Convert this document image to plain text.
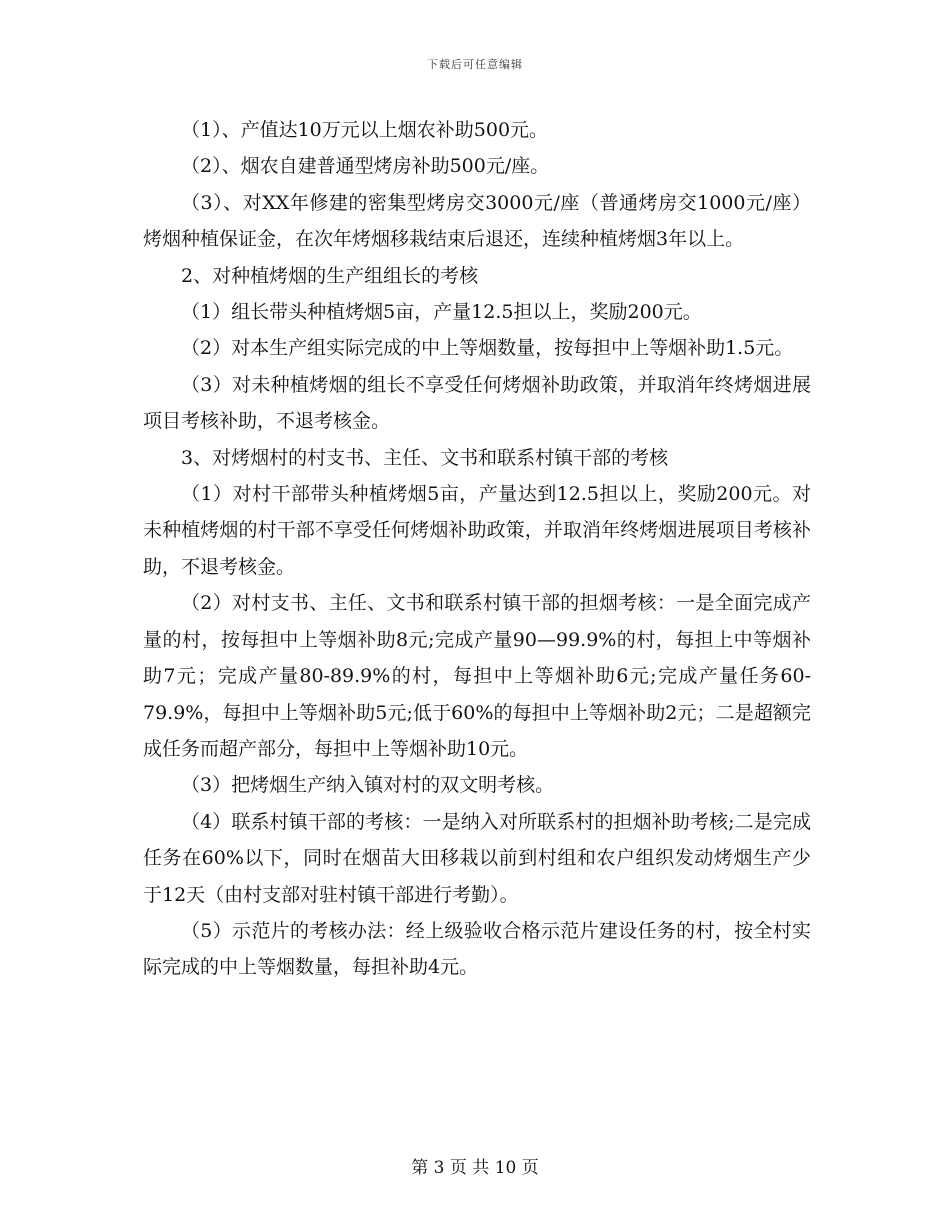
下载后可任意编辑

（1）、产值达10万元以上烟农补助500元。

（2）、烟农自建普通型烤房补助500元/座。

（3）、对XX年修建的密集型烤房交3000元/座（普通烤房交1000元/座）烤烟种植保证金，在次年烤烟移栽结束后退还，连续种植烤烟3年以上。

2、对种植烤烟的生产组组长的考核

（1）组长带头种植烤烟5亩，产量12.5担以上，奖励200元。

（2）对本生产组实际完成的中上等烟数量，按每担中上等烟补助1.5元。

（3）对未种植烤烟的组长不享受任何烤烟补助政策，并取消年终烤烟进展项目考核补助，不退考核金。

3、对烤烟村的村支书、主任、文书和联系村镇干部的考核

（1）对村干部带头种植烤烟5亩，产量达到12.5担以上，奖励200元。对未种植烤烟的村干部不享受任何烤烟补助政策，并取消年终烤烟进展项目考核补助，不退考核金。

（2）对村支书、主任、文书和联系村镇干部的担烟考核：一是全面完成产量的村，按每担中上等烟补助8元;完成产量90—99.9%的村，每担上中等烟补助7元；完成产量80-89.9%的村，每担中上等烟补助6元;完成产量任务60-79.9%，每担中上等烟补助5元;低于60%的每担中上等烟补助2元；二是超额完成任务而超产部分，每担中上等烟补助10元。

（3）把烤烟生产纳入镇对村的双文明考核。

（4）联系村镇干部的考核：一是纳入对所联系村的担烟补助考核;二是完成任务在60%以下，同时在烟苗大田移栽以前到村组和农户组织发动烤烟生产少于12天（由村支部对驻村镇干部进行考勤）。

（5）示范片的考核办法：经上级验收合格示范片建设任务的村，按全村实际完成的中上等烟数量，每担补助4元。

第 3 页 共 10 页
